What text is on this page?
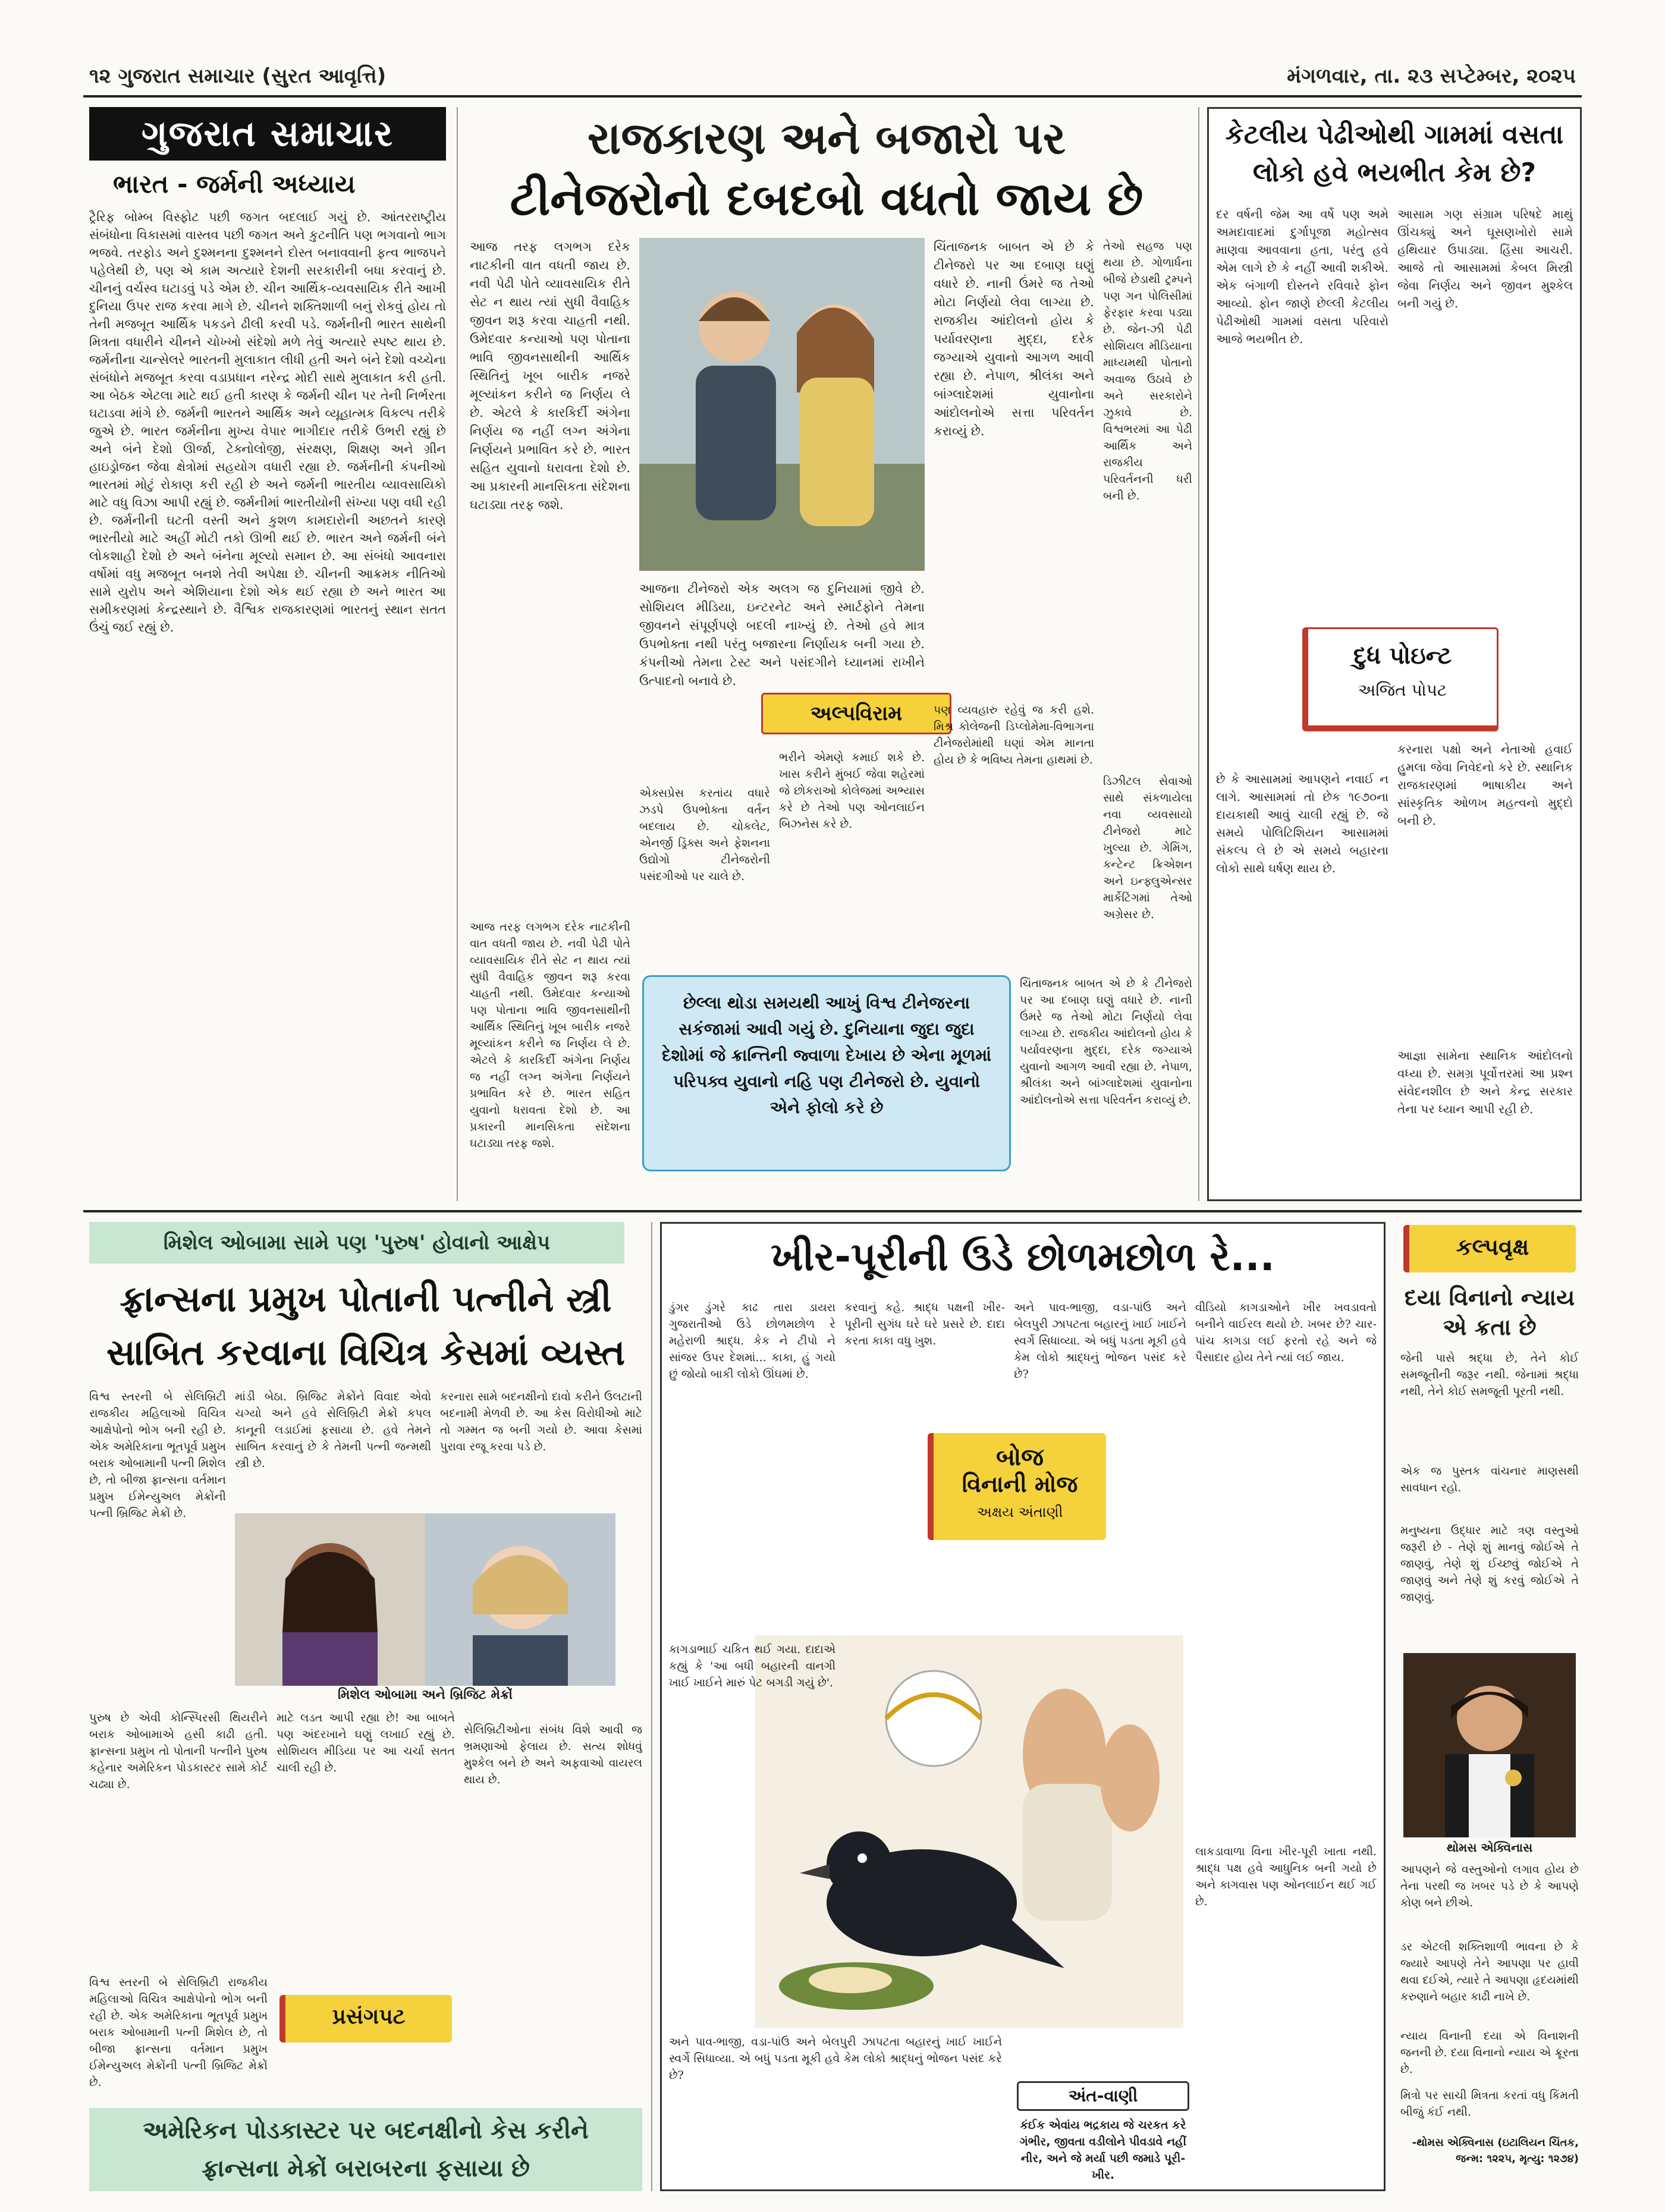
૧૨ ગુજરાત સમાચાર (સુરત આવૃત્તિ)	મંગળવાર, તા. ૨૩ સપ્ટેમ્બર, ૨૦૨૫
ગુજરાત સમાચાર
ભારત - જર્મની અધ્યાય
ટ્રૈરિફ બોમ્બ વિસ્ફોટ પછી જગત બદલાઈ ગયું છે. આંતરરાષ્ટ્રીય સંબંધોના વિકાસમાં વાસ્તવ પછી જગત અને કુટનીતિ પણ ભગવાનો ભાગ ભજવે. તરફોડ અને દુશ્મનના દુશ્મનને દોસ્ત બનાવવાની ફત્વ ભાજપને પહેલેથી છે, પણ એ કામ અત્યારે દેશની સરકારીની બધા કરવાનું છે. ચીનનું વર્ચસ્વ ઘટાડવું પડે એમ છે. ચીન આર્થિક-વ્યવસાયિક રીતે આખી દુનિયા ઉપર રાજ કરવા માગે છે. ચીનને શક્તિશાળી બનું રોકવું હોય તો તેની મજબૂત આર્થિક પકડને ઢીલી કરવી પડે. જર્મનીની ભારત સાથેની મિત્રતા વધારીને ચીનને ચોખ્ખો સંદેશો મળે તેવું અત્યારે સ્પષ્ટ થાય છે. જર્મનીના ચાન્સેલરે ભારતની મુલાકાત લીધી હતી અને બંને દેશો વચ્ચેના સંબંધોને મજબૂત કરવા વડાપ્રધાન નરેન્દ્ર મોદી સાથે મુલાકાત કરી હતી. આ બેઠક એટલા માટે થઈ હતી કારણ કે જર્મની ચીન પર તેની નિર્ભરતા ઘટાડવા માંગે છે. જર્મની ભારતને આર્થિક અને વ્યૂહાત્મક વિકલ્પ તરીકે જુએ છે. ભારત જર્મનીના મુખ્ય વેપાર ભાગીદાર તરીકે ઉભરી રહ્યું છે અને બંને દેશો ઊર્જા, ટેક્નોલોજી, સંરક્ષણ, શિક્ષણ અને ગ્રીન હાઇડ્રોજન જેવા ક્ષેત્રોમાં સહયોગ વધારી રહ્યા છે. જર્મનીની કંપનીઓ ભારતમાં મોટું રોકાણ કરી રહી છે અને જર્મની ભારતીય વ્યાવસાયિકો માટે વધુ વિઝા આપી રહ્યું છે. જર્મનીમાં ભારતીયોની સંખ્યા પણ વધી રહી છે. જર્મનીની ઘટતી વસ્તી અને કુશળ કામદારોની અછતને કારણે ભારતીયો માટે અહીં મોટી તકો ઊભી થઈ છે. ભારત અને જર્મની બંને લોકશાહી દેશો છે અને બંનેના મૂલ્યો સમાન છે. આ સંબંધો આવનારા વર્ષોમાં વધુ મજબૂત બનશે તેવી અપેક્ષા છે. ચીનની આક્રમક નીતિઓ સામે યુરોપ અને એશિયાના દેશો એક થઈ રહ્યા છે અને ભારત આ સમીકરણમાં કેન્દ્રસ્થાને છે. વૈશ્વિક રાજકારણમાં ભારતનું સ્થાન સતત ઉંચું જઈ રહ્યું છે.
રાજકારણ અને બજારો પર
ટીનેજરોનો દબદબો વધતો જાય છે
આજ તરફ લગભગ દરેક નાટકીની વાત વધતી જાય છે. નવી પેઢી પોતે વ્યાવસાયિક રીતે સેટ ન થાય ત્યાં સુધી વૈવાહિક જીવન શરૂ કરવા ચાહતી નથી. ઉમેદવાર કન્યાઓ પણ પોતાના ભાવિ જીવનસાથીની આર્થિક સ્થિતિનું ખૂબ બારીક નજરે મૂલ્યાંકન કરીને જ નિર્ણય લે છે. એટલે કે કારકિર્દી અંગેના નિર્ણય જ નહીં લગ્ન અંગેના નિર્ણયને પ્રભાવિત કરે છે. ભારત સહિત યુવાનો ધરાવતા દેશો છે. આ પ્રકારની માનસિકતા સંદેશના ઘટાડ્યા તરફ જશે.
આજના ટીનેજરો એક અલગ જ દુનિયામાં જીવે છે. સોશિયલ મીડિયા, ઇન્ટરનેટ અને સ્માર્ટફોને તેમના જીવનને સંપૂર્ણપણે બદલી નાખ્યું છે. તેઓ હવે માત્ર ઉપભોક્તા નથી પરંતુ બજારના નિર્ણાયક બની ગયા છે. કંપનીઓ તેમના ટેસ્ટ અને પસંદગીને ધ્યાનમાં રાખીને ઉત્પાદનો બનાવે છે.
ચિંતાજનક બાબત એ છે કે ટીનેજરો પર આ દબાણ ઘણું વધારે છે. નાની ઉંમરે જ તેઓ મોટા નિર્ણયો લેવા લાગ્યા છે. રાજકીય આંદોલનો હોય કે પર્યાવરણના મુદ્દા, દરેક જગ્યાએ યુવાનો આગળ આવી રહ્યા છે. નેપાળ, શ્રીલંકા અને બાંગ્લાદેશમાં યુવાનોના આંદોલનોએ સત્તા પરિવર્તન કરાવ્યું છે.
તેઓ સહજ પણ થયા છે. ગોળાર્ધના બીજે છેડાથી ટ્રમ્પને પણ ગન પોલિસીમાં ફેરફાર કરવા પડ્યા છે. જેન-ઝી પેઢી સોશિયલ મીડિયાના માધ્યમથી પોતાનો અવાજ ઉઠાવે છે અને સરકારોને ઝુકાવે છે. વિશ્વભરમાં આ પેઢી આર્થિક અને રાજકીય પરિવર્તનની ધરી બની છે.
અલ્પવિરામ
એક્સપ્રેસ કરતાંય વધારે ઝડપે ઉપભોક્તા વર્તન બદલાય છે. ચોકલેટ, એનર્જી ડ્રિંક્સ અને ફેશનના ઉદ્યોગો ટીનેજરોની પસંદગીઓ પર ચાલે છે.
ભરીને એમણે કમાઈ શકે છે. ખાસ કરીને મુંબઈ જેવા શહેરમાં જે છોકરાઓ કોલેજમાં અભ્યાસ કરે છે તેઓ પણ ઓનલાઈન બિઝનેસ કરે છે.
પણ વ્યવહારુ રહેવું જ કરી હશે. મિશ્ર કોલેજની ડિપ્લોમેમા-વિભાગના ટીનેજરોમાંથી ઘણાં એમ માનતા હોય છે કે ભવિષ્ય તેમના હાથમાં છે.
ડિઝીટલ સેવાઓ સાથે સંકળાયેલા નવા વ્યવસાયો ટીનેજરો માટે ખુલ્યા છે. ગેમિંગ, કન્ટેન્ટ ક્રિએશન અને ઇન્ફ્લુએન્સર માર્કેટિંગમાં તેઓ અગ્રેસર છે.
છેલ્લા થોડા સમયથી આખું વિશ્વ ટીનેજરના સકંજામાં આવી ગયું છે. દુનિયાના જુદા જુદા દેશોમાં જે ક્રાન્તિની જ્વાળા દેખાય છે એના મૂળમાં પરિપક્વ યુવાનો નહિ પણ ટીનેજરો છે. યુવાનો એને ફોલો કરે છે
આજ તરફ લગભગ દરેક નાટકીની વાત વધતી જાય છે. નવી પેઢી પોતે વ્યાવસાયિક રીતે સેટ ન થાય ત્યાં સુધી વૈવાહિક જીવન શરૂ કરવા ચાહતી નથી. ઉમેદવાર કન્યાઓ પણ પોતાના ભાવિ જીવનસાથીની આર્થિક સ્થિતિનું ખૂબ બારીક નજરે મૂલ્યાંકન કરીને જ નિર્ણય લે છે. એટલે કે કારકિર્દી અંગેના નિર્ણય જ નહીં લગ્ન અંગેના નિર્ણયને પ્રભાવિત કરે છે. ભારત સહિત યુવાનો ધરાવતા દેશો છે. આ પ્રકારની માનસિકતા સંદેશના ઘટાડ્યા તરફ જશે.
ચિંતાજનક બાબત એ છે કે ટીનેજરો પર આ દબાણ ઘણું વધારે છે. નાની ઉંમરે જ તેઓ મોટા નિર્ણયો લેવા લાગ્યા છે. રાજકીય આંદોલનો હોય કે પર્યાવરણના મુદ્દા, દરેક જગ્યાએ યુવાનો આગળ આવી રહ્યા છે. નેપાળ, શ્રીલંકા અને બાંગ્લાદેશમાં યુવાનોના આંદોલનોએ સત્તા પરિવર્તન કરાવ્યું છે.
કેટલીય પેઢીઓથી ગામમાં વસતા લોકો હવે ભયભીત કેમ છે?
દર વર્ષની જેમ આ વર્ષે પણ અમે અમદાવાદમાં દુર્ગાપૂજા મહોત્સવ માણવા આવવાના હતા, પરંતુ હવે એમ લાગે છે કે નહીં આવી શકીએ. એક બંગાળી દોસ્તને રવિવારે ફોન આવ્યો. ફોન જાણે છેલ્લી કેટલીય પેઢીઓથી ગામમાં વસતા પરિવારો આજે ભયભીત છે.
આસામ ગણ સંગ્રામ પરિષદે માથું ઊંચક્યું અને ઘૂસણખોરો સામે હથિયાર ઉપાડ્યા. હિંસા આચરી. આજે તો આસામમાં કેબલ મિસ્ત્રી જેવા નિર્ણય અને જીવન મુશ્કેલ બની ગયું છે.
દુધ પોઇન્ટ
અજિત પોપટ
કરનારા પક્ષો અને નેતાઓ હવાઈ હુમલા જેવા નિવેદનો કરે છે. સ્થાનિક રાજકારણમાં ભાષાકીય અને સાંસ્કૃતિક ઓળખ મહત્વનો મુદ્દો બની છે.
છે કે આસામમાં આપણને નવાઈ ન લાગે. આસામમાં તો છેક ૧૯૭૦ના દાયકાથી આવું ચાલી રહ્યું છે. જે સમયે પોલિટિશિયન આસામમાં સંકલ્પ લે છે એ સમયે બહારના લોકો સાથે ઘર્ષણ થાય છે.
આજ્ઞા સામેના સ્થાનિક આંદોલનો વધ્યા છે. સમગ્ર પૂર્વોત્તરમાં આ પ્રશ્ન સંવેદનશીલ છે અને કેન્દ્ર સરકાર તેના પર ધ્યાન આપી રહી છે.
મિશેલ ઓબામા સામે પણ 'પુરુષ' હોવાનો આક્ષેપ
ફ્રાન્સના પ્રમુખ પોતાની પત્નીને સ્ત્રી
સાબિત કરવાના વિચિત્ર કેસમાં વ્યસ્ત
વિશ્વ સ્તરની બે સેલિબ્રિટી રાજકીય મહિલાઓ વિચિત્ર આક્ષેપોનો ભોગ બની રહી છે. એક અમેરિકાના ભૂતપૂર્વ પ્રમુખ બરાક ઓબામાની પત્ની મિશેલ છે, તો બીજા ફ્રાન્સના વર્તમાન પ્રમુખ ઈમેન્યુઅલ મેક્રોંની પત્ની બ્રિજિટ મેક્રોં છે.
માંડી બેઠા. બ્રિજિટ મેક્રોંને વિવાદ એવો ચગ્યો અને હવે સેલિબ્રિટી મેક્રોં કપલ કાનૂની લડાઈમાં ફસાયા છે. હવે તેમને સાબિત કરવાનું છે કે તેમની પત્ની જન્મથી સ્ત્રી છે.
કરનારા સામે બદનક્ષીનો દાવો કરીને ઉલટાની બદનામી મેળવી છે. આ કેસ વિરોધીઓ માટે તો ગમ્મત જ બની ગયો છે. આવા કેસમાં પુરાવા રજૂ કરવા પડે છે.
મિશેલ ઓબામા અને બ્રિજિટ મેક્રોં
પુરુષ છે એવી કોન્સ્પિરસી થિયરીને બરાક ઓબામાએ હસી કાઢી હતી. ફ્રાન્સના પ્રમુખ તો પોતાની પત્નીને પુરુષ કહેનાર અમેરિકન પોડકાસ્ટર સામે કોર્ટ ચઢ્યા છે.
માટે લડત આપી રહ્યા છે! આ બાબતે પણ અંદરખાને ઘણું લખાઈ રહ્યું છે. સોશિયલ મીડિયા પર આ ચર્ચા સતત ચાલી રહી છે.
સેલિબ્રિટીઓના સંબંધ વિશે આવી જ ભ્રમણાઓ ફેલાય છે. સત્ય શોધવું મુશ્કેલ બને છે અને અફવાઓ વાયરલ થાય છે.
પ્રસંગપટ
વિશ્વ સ્તરની બે સેલિબ્રિટી રાજકીય મહિલાઓ વિચિત્ર આક્ષેપોનો ભોગ બની રહી છે. એક અમેરિકાના ભૂતપૂર્વ પ્રમુખ બરાક ઓબામાની પત્ની મિશેલ છે, તો બીજા ફ્રાન્સના વર્તમાન પ્રમુખ ઈમેન્યુઅલ મેક્રોંની પત્ની બ્રિજિટ મેક્રોં છે.
અમેરિકન પોડકાસ્ટર પર બદનક્ષીનો કેસ કરીને ફ્રાન્સના મેક્રોં બરાબરના ફસાયા છે
ખીર-પૂરીની ઉડે છોળમછોળ રે...
ડુંગર ડુંગરે કાઢ તારા ડાયરા ગુજરાતીઓ ઉડે છોળમછોળ રે મહેરાળી શ્રાદ્ધ. કેક ને ટીપો ને સાંજર ઉપર દેશમાં... કાકા, હું ગયો છું જોયો બાકી લોકો ઊંઘમાં છે.
કરવાનું કહે. શ્રાદ્ધ પક્ષની ખીર-પૂરીની સુગંધ ઘરે ઘરે પ્રસરે છે. દાદા કરતા કાકા વધુ ખુશ.
બોજ
વિનાની મોજ
અક્ષય અંતાણી
અને પાવ-ભાજી, વડા-પાંઉ અને બેલપુરી ઝાપટતા બહારનું ખાઈ ખાઈને સ્વર્ગે સિધાવ્યા. એ બધું પડતા મૂકી હવે કેમ લોકો શ્રાદ્ધનું ભોજન પસંદ કરે છે?
વીડિયો કાગડાઓને ખીર ખવડાવતો બનીને વાઈરલ થયો છે. ખબર છે? ચાર-પાંચ કાગડા લઈ ફરતો રહે અને જે પૈસાદાર હોય તેને ત્યાં લઈ જાય.
કાગડાભાઈ ચકિત થઈ ગયા. દાદાએ કહ્યું કે 'આ બધી બહારની વાનગી ખાઈ ખાઈને મારું પેટ બગડી ગયું છે'.
લાકડાવાળા વિના ખીર-પૂરી ખાતા નથી. શ્રાદ્ધ પક્ષ હવે આધુનિક બની ગયો છે અને કાગવાસ પણ ઓનલાઈન થઈ ગઈ છે.
અને પાવ-ભાજી, વડા-પાંઉ અને બેલપુરી ઝાપટતા બહારનું ખાઈ ખાઈને સ્વર્ગે સિધાવ્યા. એ બધું પડતા મૂકી હવે કેમ લોકો શ્રાદ્ધનું ભોજન પસંદ કરે છે?
અંત-વાણી
કંઈક એવાંય ભદ્રકાય જે ચરકત કરે ગંભીર, જીવતા વડીલોને પીવડાવે નહીં નીર, અને જે મર્યા પછી જમાડે પૂરી-ખીર.
કલ્પવૃક્ષ
દયા વિનાનો ન્યાય
એ ક્રતા છે
જેની પાસે શ્રદ્ધા છે, તેને કોઈ સમજૂતીની જરૂર નથી. જેનામાં શ્રદ્ધા નથી, તેને કોઈ સમજૂતી પૂરતી નથી.
એક જ પુસ્તક વાંચનાર માણસથી સાવધાન રહો.
મનુષ્યના ઉદ્ધાર માટે ત્રણ વસ્તુઓ જરૂરી છે - તેણે શું માનવું જોઈએ તે જાણવું, તેણે શું ઈચ્છવું જોઈએ તે જાણવું અને તેણે શું કરવું જોઈએ તે જાણવું.
થોમસ એક્વિનાસ
આપણને જે વસ્તુઓનો લગાવ હોય છે તેના પરથી જ ખબર પડે છે કે આપણે કોણ બને છીએ.
ડર એટલી શક્તિશાળી ભાવના છે કે જ્યારે આપણે તેને આપણા પર હાવી થવા દઈએ, ત્યારે તે આપણા હૃદયમાંથી કરુણાને બહાર કાઢી નાખે છે.
ન્યાય વિનાની દયા એ વિનાશની જનની છે. દયા વિનાનો ન્યાય એ ક્રૂરતા છે.
મિત્રો પર સાચી મિત્રતા કરતાં વધુ કિંમતી બીજું કંઈ નથી.
-થોમસ એક્વિનાસ (ઇટાલિયન ચિંતક, જન્મ: ૧૨૨૫, મૃત્યુ: ૧૨૭૪)
